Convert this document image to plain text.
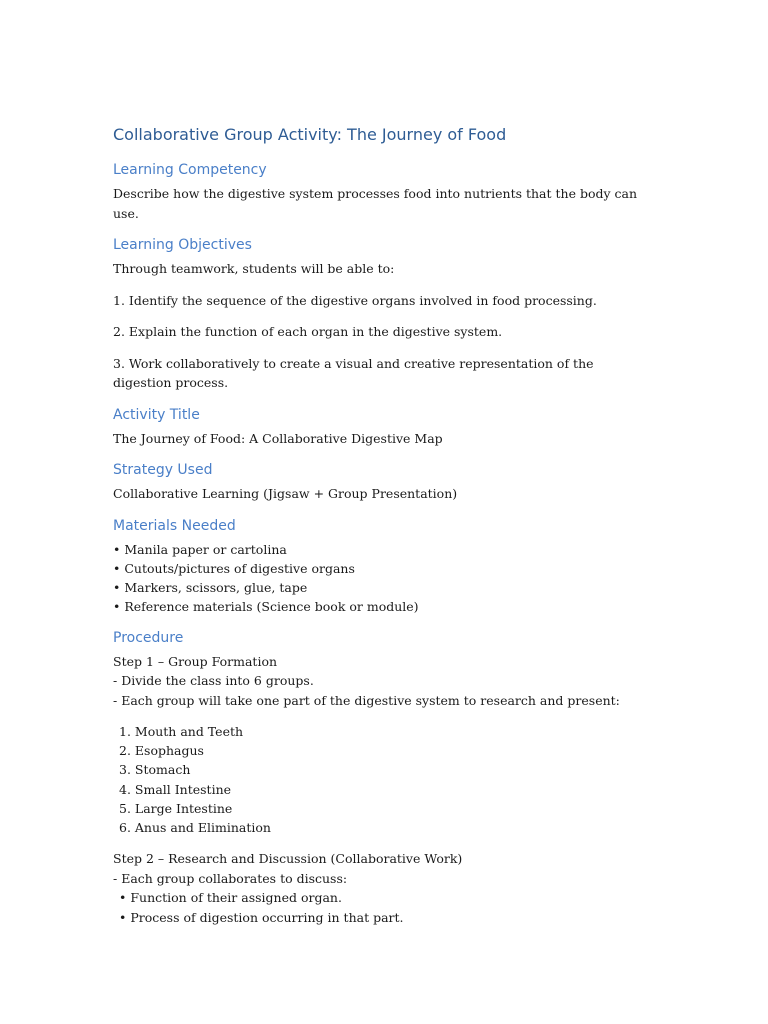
Collaborative Group Activity: The Journey of Food
Learning Competency

Describe how the digestive system processes food into nutrients that the body can use.

Learning Objectives

Through teamwork, students will be able to:

1. Identify the sequence of the digestive organs involved in food processing.

2. Explain the function of each organ in the digestive system.

3. Work collaboratively to create a visual and creative representation of the digestion process.

Activity Title

The Journey of Food: A Collaborative Digestive Map

Strategy Used

Collaborative Learning (Jigsaw + Group Presentation)

Materials Needed
• Manila paper or cartolina
• Cutouts/pictures of digestive organs
• Markers, scissors, glue, tape
• Reference materials (Science book or module)
Procedure

Step 1 – Group Formation

- Divide the class into 6 groups.

- Each group will take one part of the digestive system to research and present:

1. Mouth and Teeth
2. Esophagus
3. Stomach
4. Small Intestine
5. Large Intestine
6. Anus and Elimination

Step 2 – Research and Discussion (Collaborative Work)

- Each group collaborates to discuss:

• Function of their assigned organ.
• Process of digestion occurring in that part.
